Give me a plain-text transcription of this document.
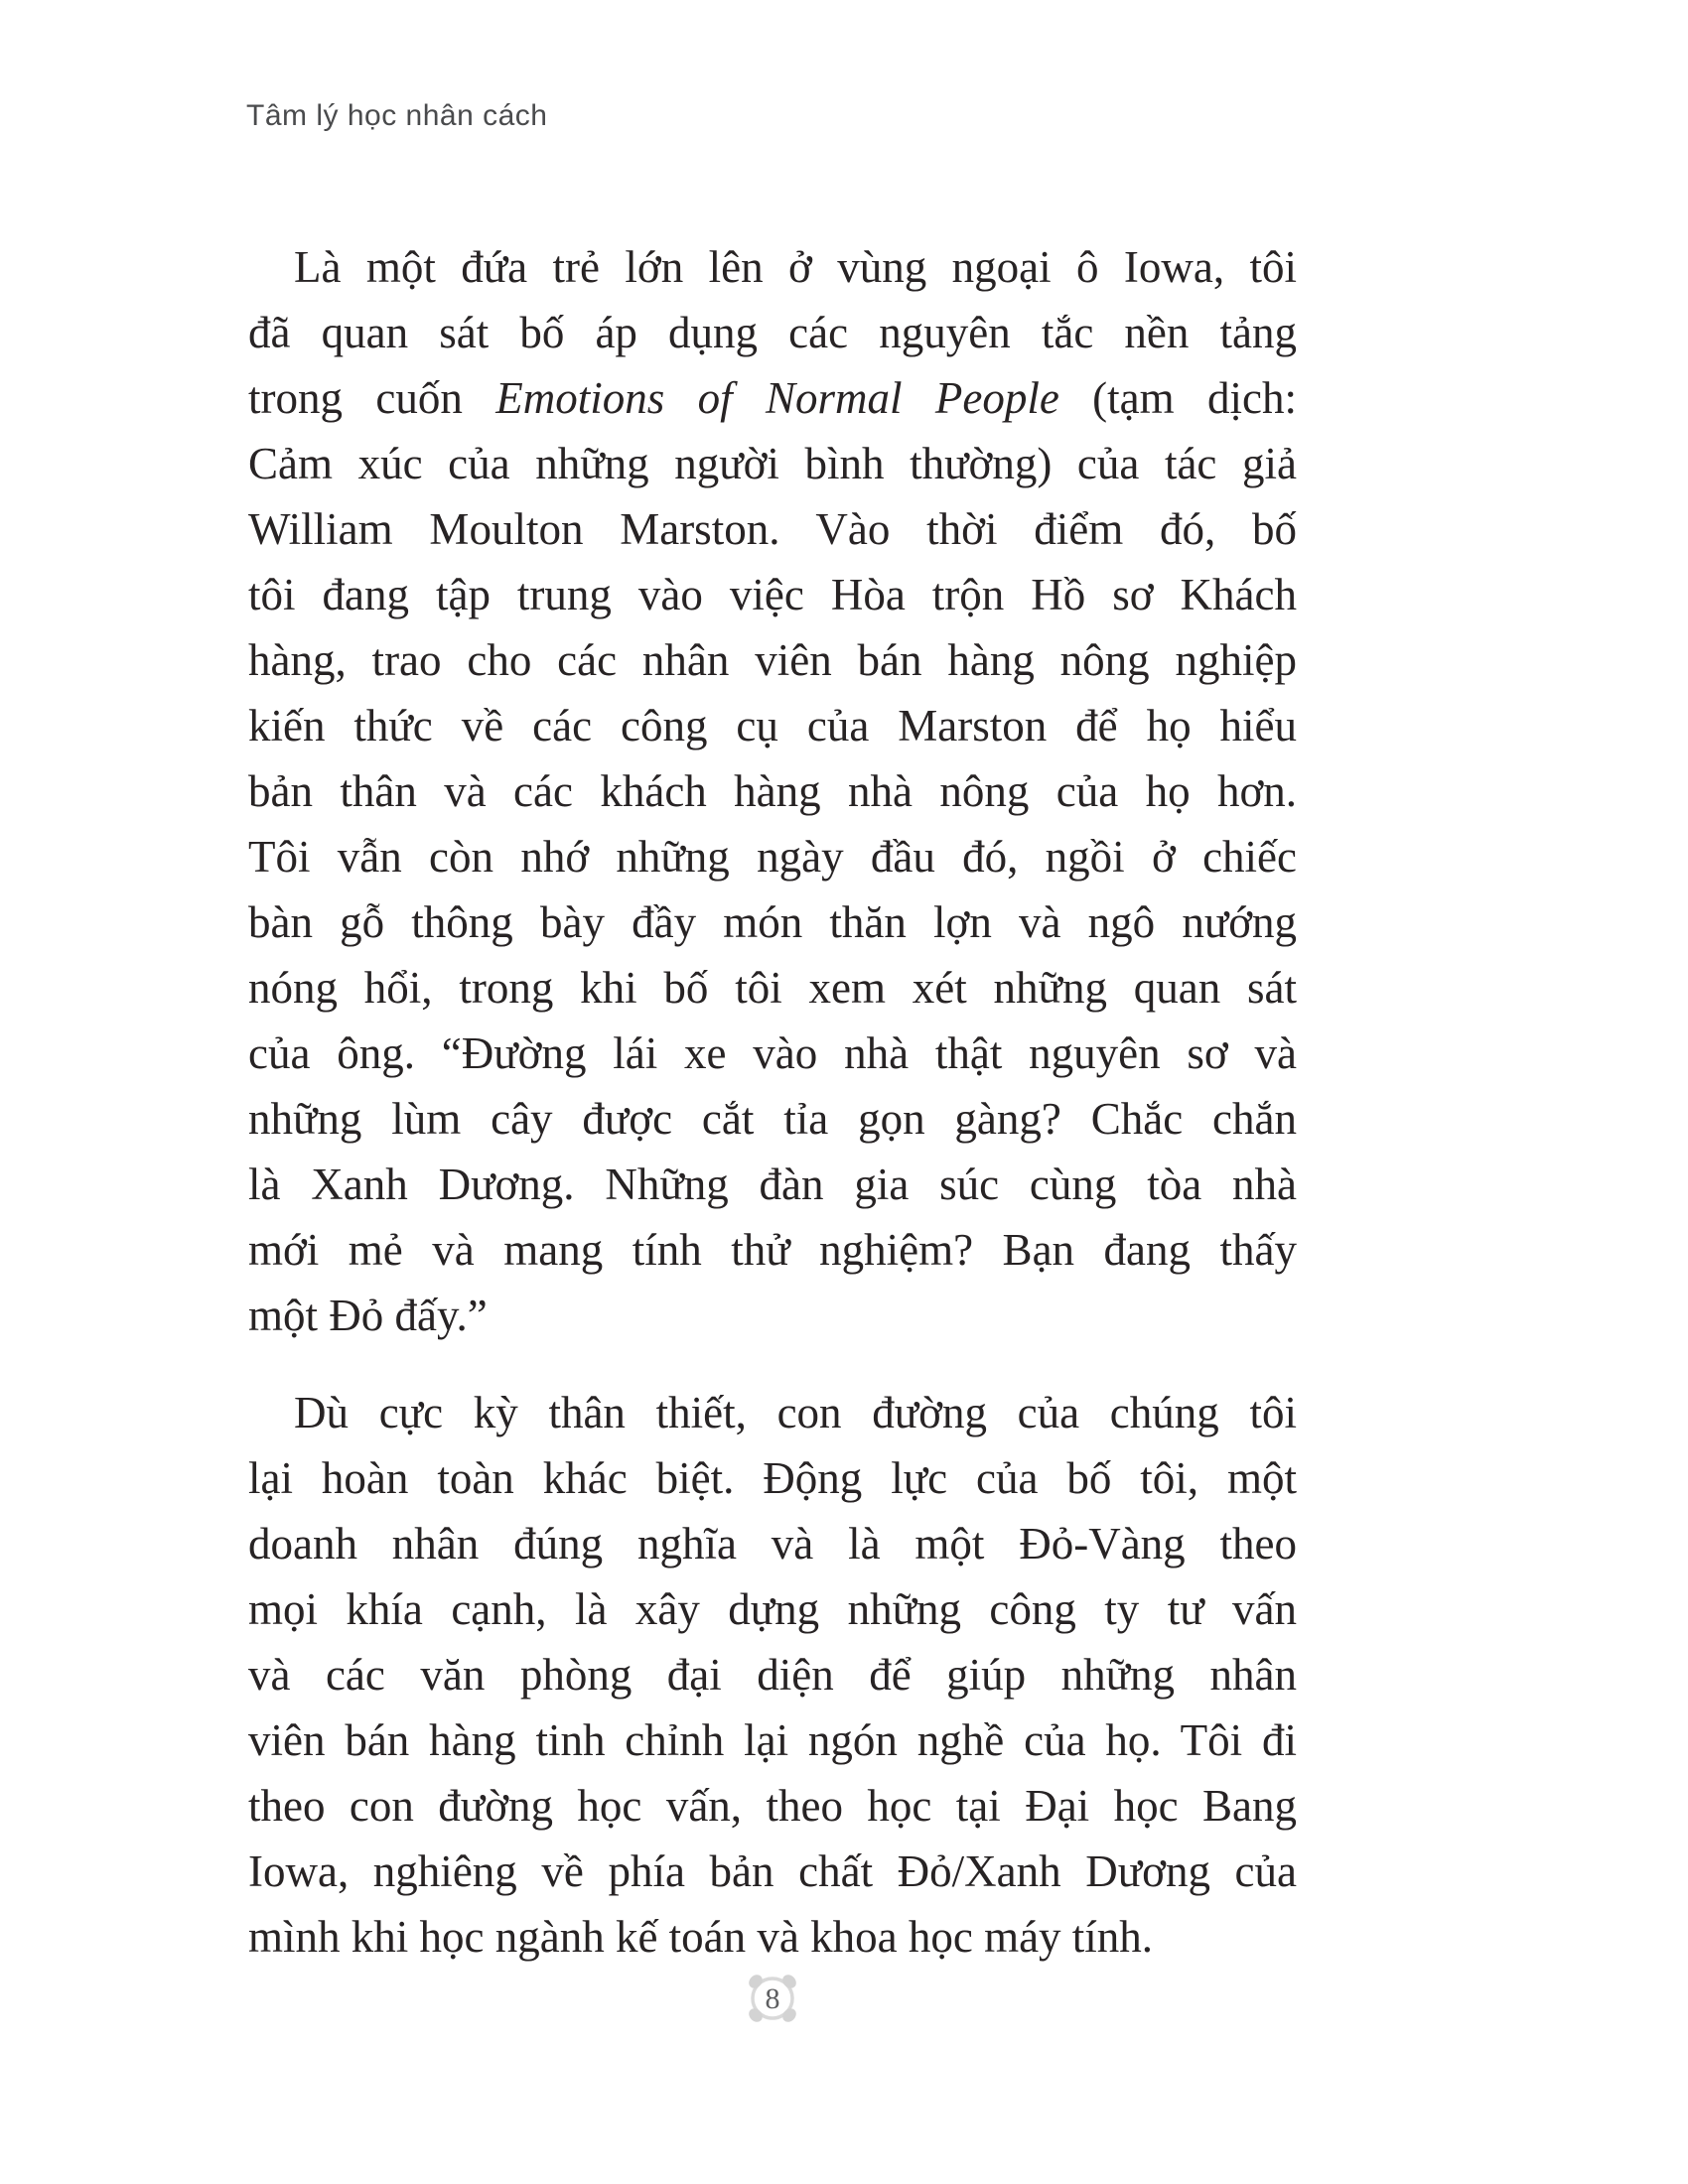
Tâm lý học nhân cách
Là một đứa trẻ lớn lên ở vùng ngoại ô Iowa, tôi
đã quan sát bố áp dụng các nguyên tắc nền tảng
trong cuốn Emotions of Normal People (tạm dịch:
Cảm xúc của những người bình thường) của tác giả
William Moulton Marston. Vào thời điểm đó, bố
tôi đang tập trung vào việc Hòa trộn Hồ sơ Khách
hàng, trao cho các nhân viên bán hàng nông nghiệp
kiến thức về các công cụ của Marston để họ hiểu
bản thân và các khách hàng nhà nông của họ hơn.
Tôi vẫn còn nhớ những ngày đầu đó, ngồi ở chiếc
bàn gỗ thông bày đầy món thăn lợn và ngô nướng
nóng hổi, trong khi bố tôi xem xét những quan sát
của ông. “Đường lái xe vào nhà thật nguyên sơ và
những lùm cây được cắt tỉa gọn gàng? Chắc chắn
là Xanh Dương. Những đàn gia súc cùng tòa nhà
mới mẻ và mang tính thử nghiệm? Bạn đang thấy
một Đỏ đấy.”
Dù cực kỳ thân thiết, con đường của chúng tôi
lại hoàn toàn khác biệt. Động lực của bố tôi, một
doanh nhân đúng nghĩa và là một Đỏ-Vàng theo
mọi khía cạnh, là xây dựng những công ty tư vấn
và các văn phòng đại diện để giúp những nhân
viên bán hàng tinh chỉnh lại ngón nghề của họ. Tôi đi
theo con đường học vấn, theo học tại Đại học Bang
Iowa, nghiêng về phía bản chất Đỏ/Xanh Dương của
mình khi học ngành kế toán và khoa học máy tính.
8
